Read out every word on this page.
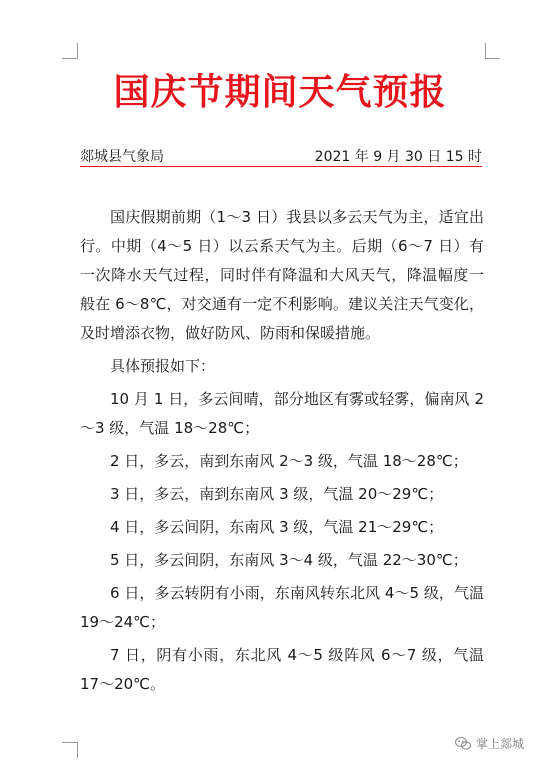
国庆节期间天气预报
郯城县气象局	2021 年 9 月 30 日 15 时

国庆假期前期（1～3 日）我县以多云天气为主，适宜出行。中期（4～5 日）以云系天气为主。后期（6～7 日）有一次降水天气过程，同时伴有降温和大风天气，降温幅度一般在 6～8℃，对交通有一定不利影响。建议关注天气变化，及时增添衣物，做好防风、防雨和保暖措施。

具体预报如下：

10 月 1 日，多云间晴，部分地区有雾或轻雾，偏南风 2～3 级，气温 18～28℃；

2 日，多云，南到东南风 2～3 级，气温 18～28℃；

3 日，多云，南到东南风 3 级，气温 20～29℃；

4 日，多云间阴，东南风 3 级，气温 21～29℃；

5 日，多云间阴，东南风 3～4 级，气温 22～30℃；

6 日，多云转阴有小雨，东南风转东北风 4～5 级，气温 19～24℃；

7 日，阴有小雨，东北风 4～5 级阵风 6～7 级，气温 17～20℃。

掌上郯城
